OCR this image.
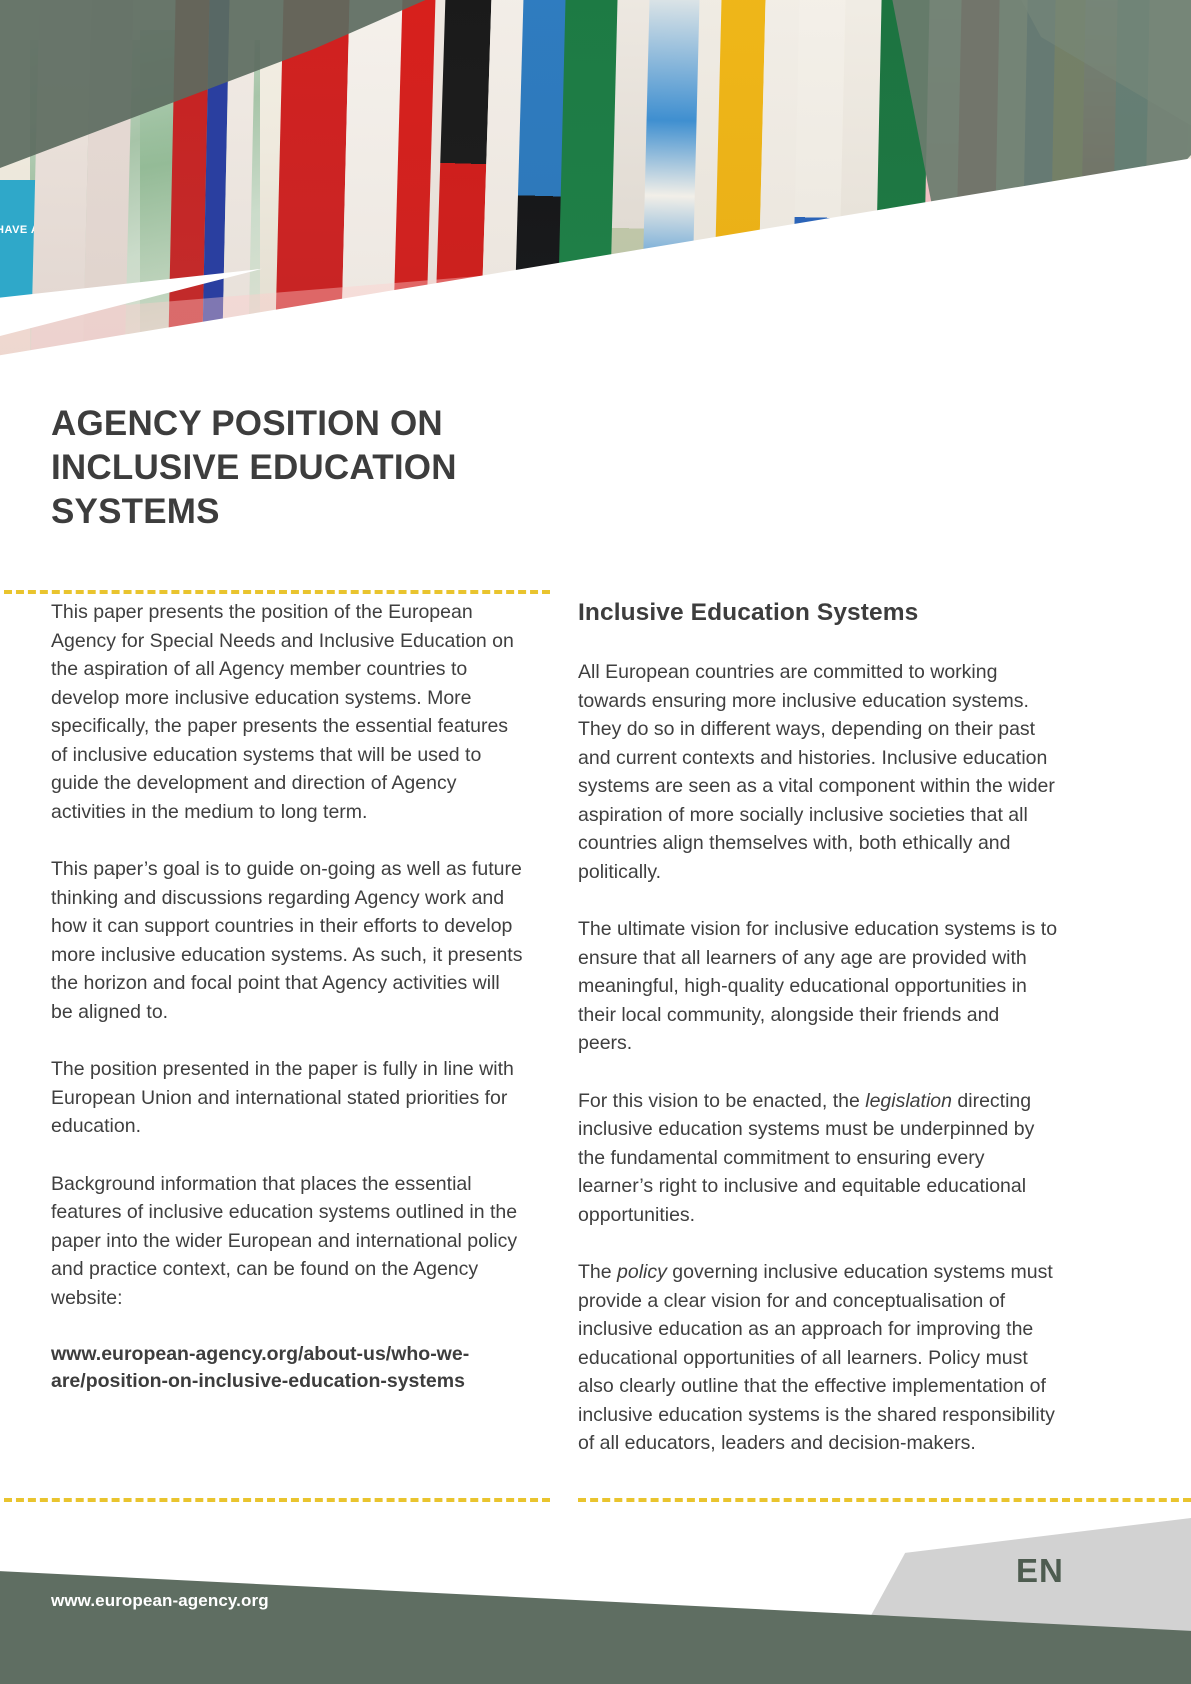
HAVE A
AGENCY POSITION ON INCLUSIVE EDUCATION SYSTEMS

This paper presents the position of the European Agency for Special Needs and Inclusive Education on the aspiration of all Agency member countries to develop more inclusive education systems. More specifically, the paper presents the essential features of inclusive education systems that will be used to guide the development and direction of Agency activities in the medium to long term.

This paper’s goal is to guide on-going as well as future thinking and discussions regarding Agency work and how it can support countries in their efforts to develop more inclusive education systems. As such, it presents the horizon and focal point that Agency activities will be aligned to.

The position presented in the paper is fully in line with European Union and international stated priorities for education.

Background information that places the essential features of inclusive education systems outlined in the paper into the wider European and international policy and practice context, can be found on the Agency website:

www.european-agency.org/about-us/who-we-are/position-on-inclusive-education-systems

Inclusive Education Systems

All European countries are committed to working towards ensuring more inclusive education systems. They do so in different ways, depending on their past and current contexts and histories. Inclusive education systems are seen as a vital component within the wider aspiration of more socially inclusive societies that all countries align themselves with, both ethically and politically.

The ultimate vision for inclusive education systems is to ensure that all learners of any age are provided with meaningful, high-quality educational opportunities in their local community, alongside their friends and peers.

For this vision to be enacted, the legislation directing inclusive education systems must be underpinned by the fundamental commitment to ensuring every learner’s right to inclusive and equitable educational opportunities.

The policy governing inclusive education systems must provide a clear vision for and conceptualisation of inclusive education as an approach for improving the educational opportunities of all learners. Policy must also clearly outline that the effective implementation of inclusive education systems is the shared responsibility of all educators, leaders and decision-makers.

www.european-agency.org
EN
